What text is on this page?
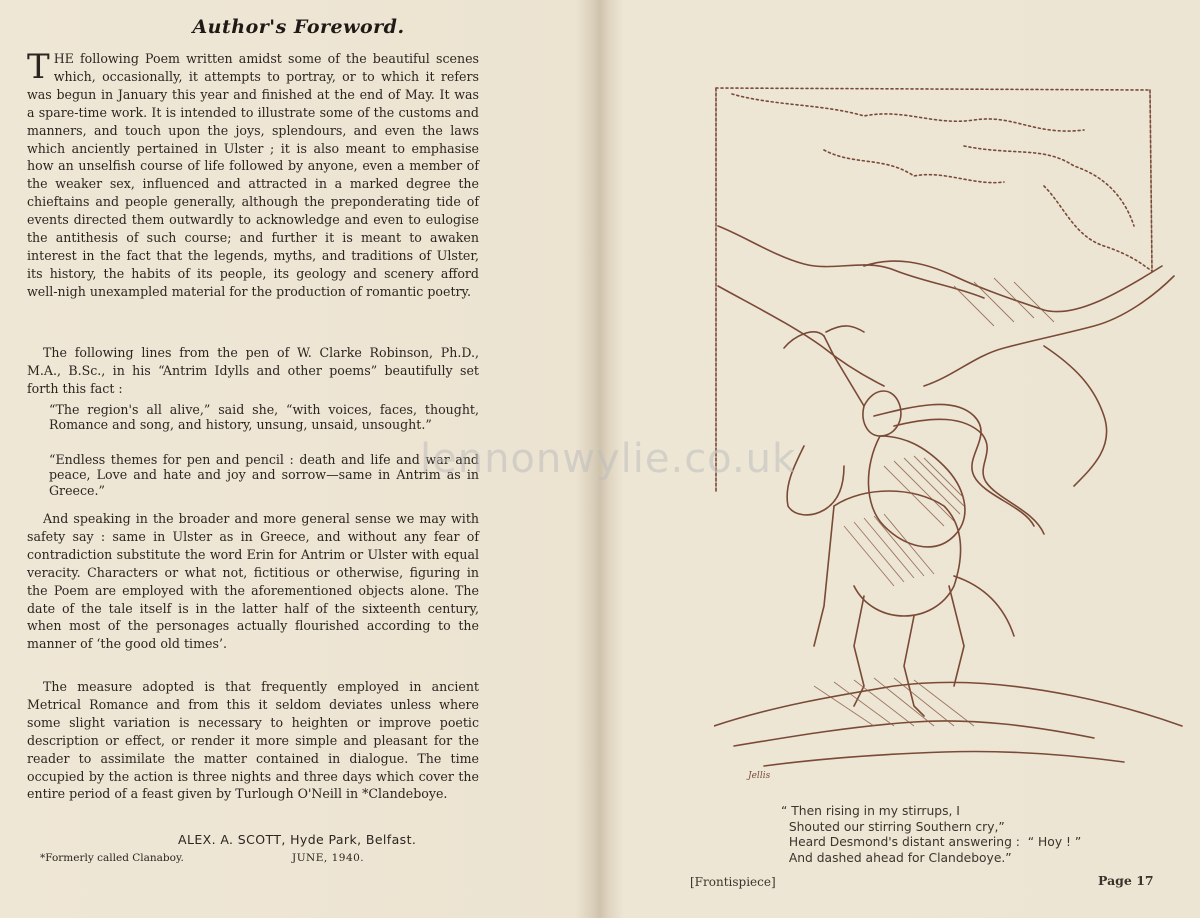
Author's Foreword.
THE following Poem written amidst some of the beautiful scenes which, occasionally, it attempts to portray, or to which it refers was begun in January this year and finished at the end of May. It was a spare-time work. It is intended to illustrate some of the customs and manners, and touch upon the joys, splendours, and even the laws which anciently pertained in Ulster ; it is also meant to emphasise how an unselfish course of life followed by anyone, even a member of the weaker sex, influenced and attracted in a marked degree the chieftains and people generally, although the preponderating tide of events directed them outwardly to acknowledge and even to eulogise the antithesis of such course; and further it is meant to awaken interest in the fact that the legends, myths, and traditions of Ulster, its history, the habits of its people, its geology and scenery afford well-nigh unexampled material for the production of romantic poetry.
The following lines from the pen of W. Clarke Robinson, Ph.D., M.A., B.Sc., in his “Antrim Idylls and other poems” beautifully set forth this fact :
“The region's all alive,” said she, “with voices, faces, thought, Romance and song, and history, unsung, unsaid, unsought.”
“Endless themes for pen and pencil : death and life and war and peace, Love and hate and joy and sorrow—same in Antrim as in Greece.”
And speaking in the broader and more general sense we may with safety say : same in Ulster as in Greece, and without any fear of contradiction substitute the word Erin for Antrim or Ulster with equal veracity. Characters or what not, fictitious or otherwise, figuring in the Poem are employed with the aforementioned objects alone. The date of the tale itself is in the latter half of the sixteenth century, when most of the personages actually flourished according to the manner of ‘the good old times’.
The measure adopted is that frequently employed in ancient Metrical Romance and from this it seldom deviates unless where some slight variation is necessary to heighten or improve poetic description or effect, or render it more simple and pleasant for the reader to assimilate the matter contained in dialogue. The time occupied by the action is three nights and three days which cover the entire period of a feast given by Turlough O'Neill in *Clandeboye.
ALEX. A. SCOTT, Hyde Park, Belfast.
*Formerly called Clanaboy.	JUNE, 1940.
Jellis
“ Then rising in my stirrups, I
Shouted our stirring Southern cry,”
Heard Desmond's distant answering :  “ Hoy ! ”
And dashed ahead for Clandeboye.”
[Frontispiece]	Page 17
lennonwylie.co.uk
